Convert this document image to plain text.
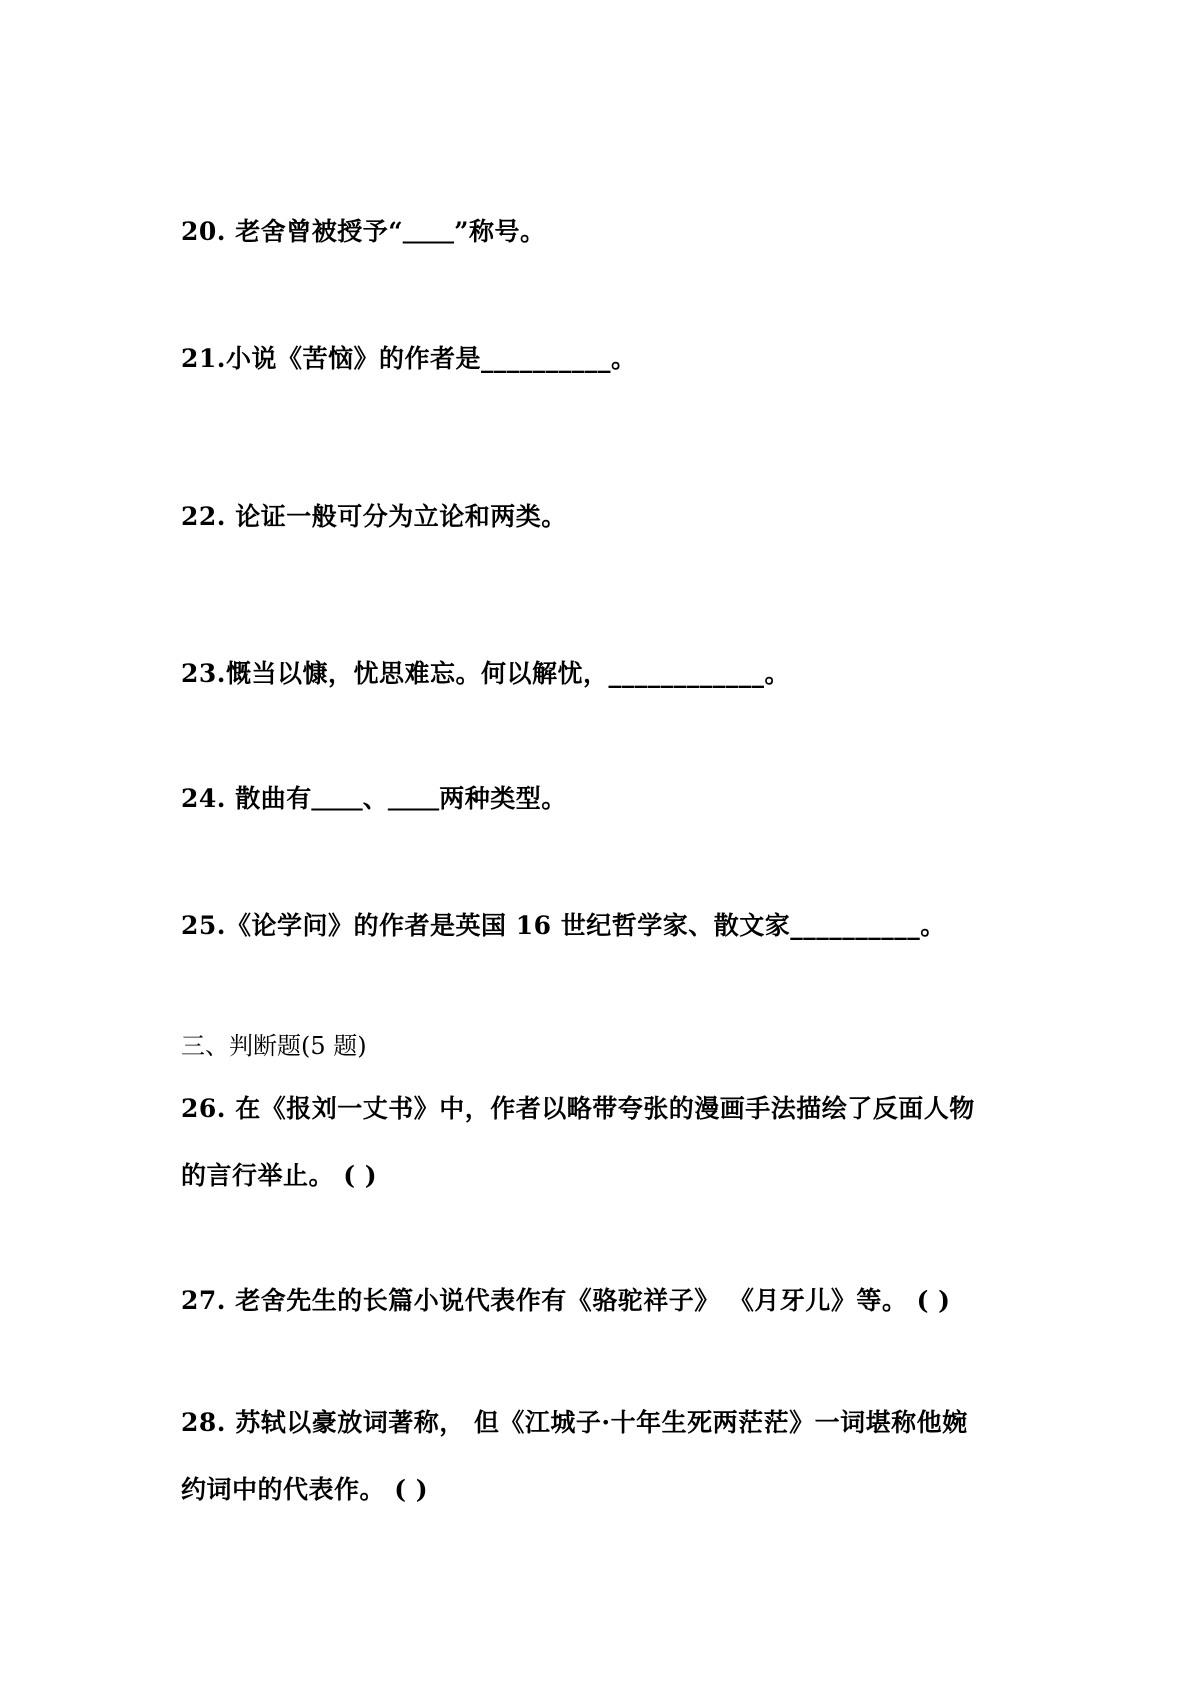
20. 老舍曾被授予“＿＿”称号。
21.小说《苦恼》的作者是__________。
22. 论证一般可分为立论和两类。
23.慨当以慷，忧思难忘。何以解忧，____________。
24. 散曲有＿＿、＿＿两种类型。
25.《论学问》的作者是英国 16 世纪哲学家、散文家__________。
三、判断题(5 题)
26. 在《报刘一丈书》中，作者以略带夸张的漫画手法描绘了反面人物
的言行举止。 ( )
27. 老舍先生的长篇小说代表作有《骆驼祥子》 《月牙儿》等。 ( )
28. 苏轼以豪放词著称， 但《江城子·十年生死两茫茫》一词堪称他婉
约词中的代表作。 ( )
